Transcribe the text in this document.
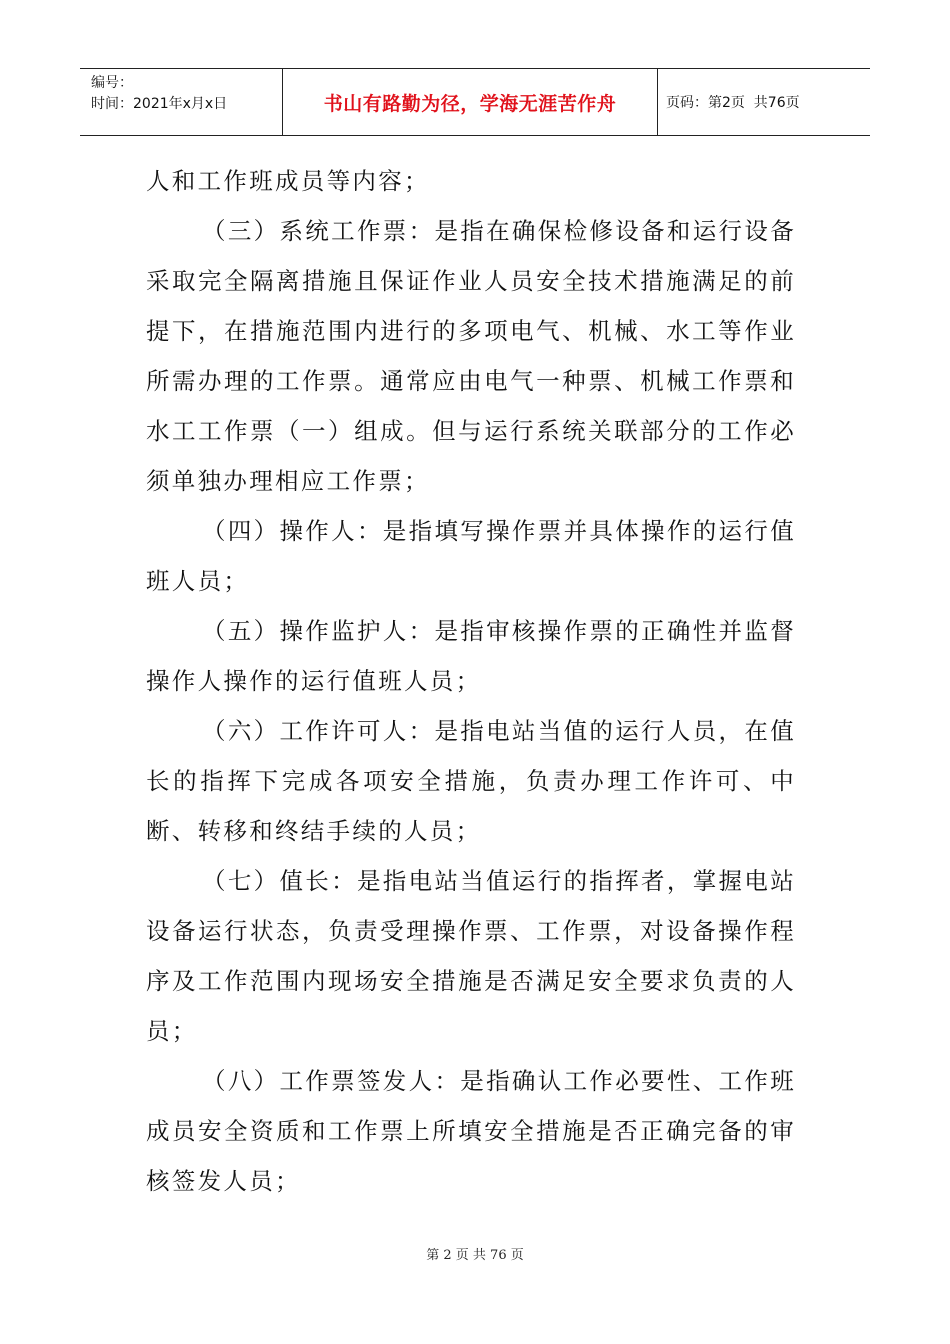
编号：
时间：2021年x月x日	书山有路勤为径，学海无涯苦作舟	页码：第2页  共76页

人和工作班成员等内容；

（三）系统工作票：是指在确保检修设备和运行设备采取完全隔离措施且保证作业人员安全技术措施满足的前提下，在措施范围内进行的多项电气、机械、水工等作业所需办理的工作票。通常应由电气一种票、机械工作票和水工工作票（一）组成。但与运行系统关联部分的工作必须单独办理相应工作票；

（四）操作人：是指填写操作票并具体操作的运行值班人员；

（五）操作监护人：是指审核操作票的正确性并监督操作人操作的运行值班人员；

（六）工作许可人：是指电站当值的运行人员，在值长的指挥下完成各项安全措施，负责办理工作许可、中断、转移和终结手续的人员；

（七）值长：是指电站当值运行的指挥者，掌握电站设备运行状态，负责受理操作票、工作票，对设备操作程序及工作范围内现场安全措施是否满足安全要求负责的人员；

（八）工作票签发人：是指确认工作必要性、工作班成员安全资质和工作票上所填安全措施是否正确完备的审核签发人员；

第 2 页 共 76 页
